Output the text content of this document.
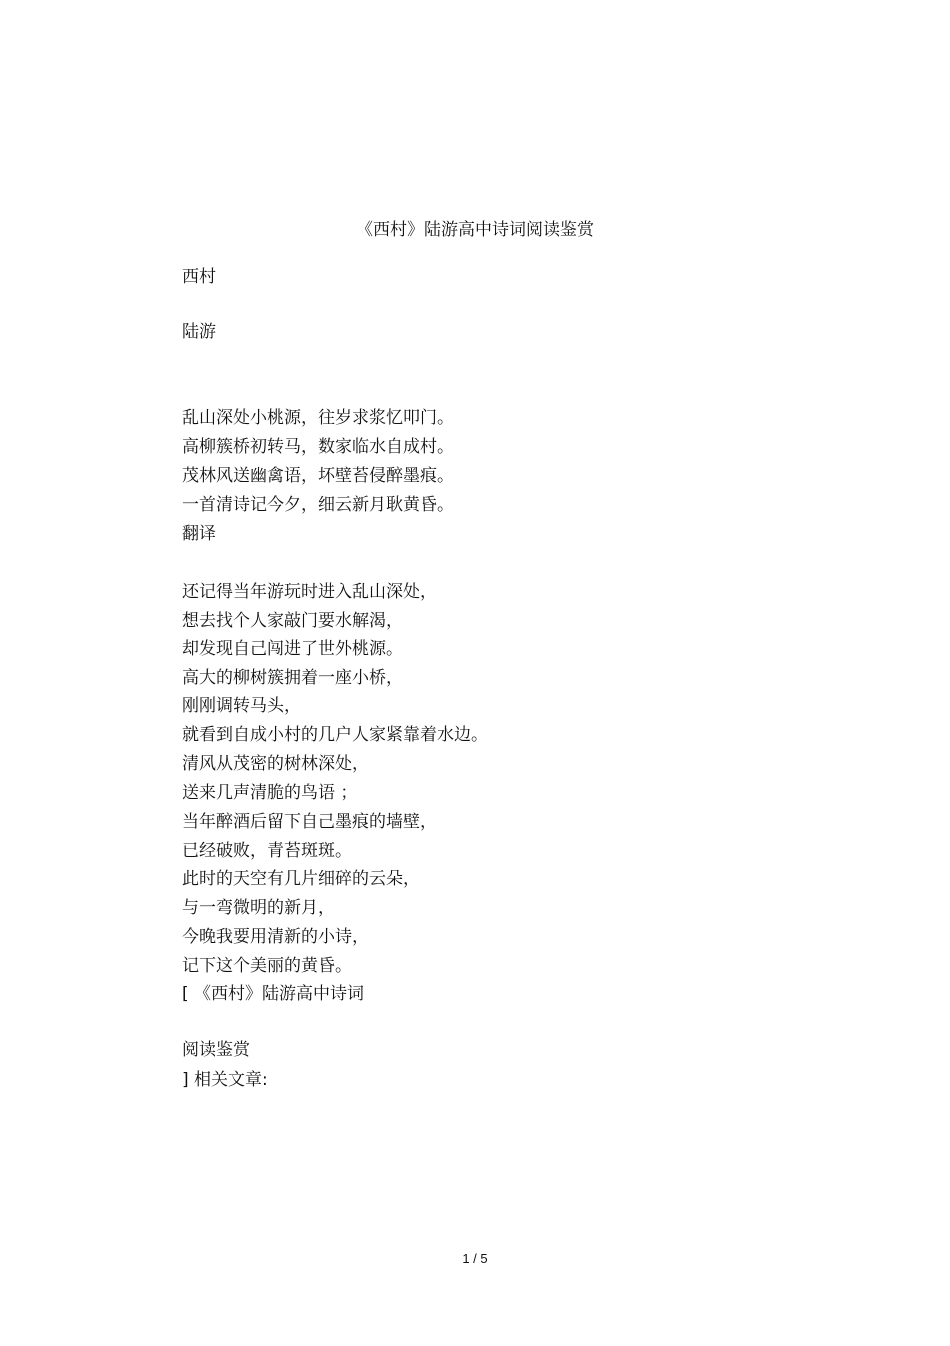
《西村》陆游高中诗词阅读鉴赏
西村
陆游
乱山深处小桃源，往岁求浆忆叩门。
高柳簇桥初转马，数家临水自成村。
茂林风送幽禽语，坏壁苔侵醉墨痕。
一首清诗记今夕，细云新月耿黄昏。
翻译
还记得当年游玩时进入乱山深处，
想去找个人家敲门要水解渴，
却发现自己闯进了世外桃源。
高大的柳树簇拥着一座小桥，
刚刚调转马头，
就看到自成小村的几户人家紧靠着水边。
清风从茂密的树林深处，
送来几声清脆的鸟语 ；
当年醉酒后留下自己墨痕的墙壁，
已经破败，青苔斑斑。
此时的天空有几片细碎的云朵，
与一弯微明的新月，
今晚我要用清新的小诗，
记下这个美丽的黄昏。
[ 《西村》陆游高中诗词
阅读鉴赏
] 相关文章:
1 / 5
